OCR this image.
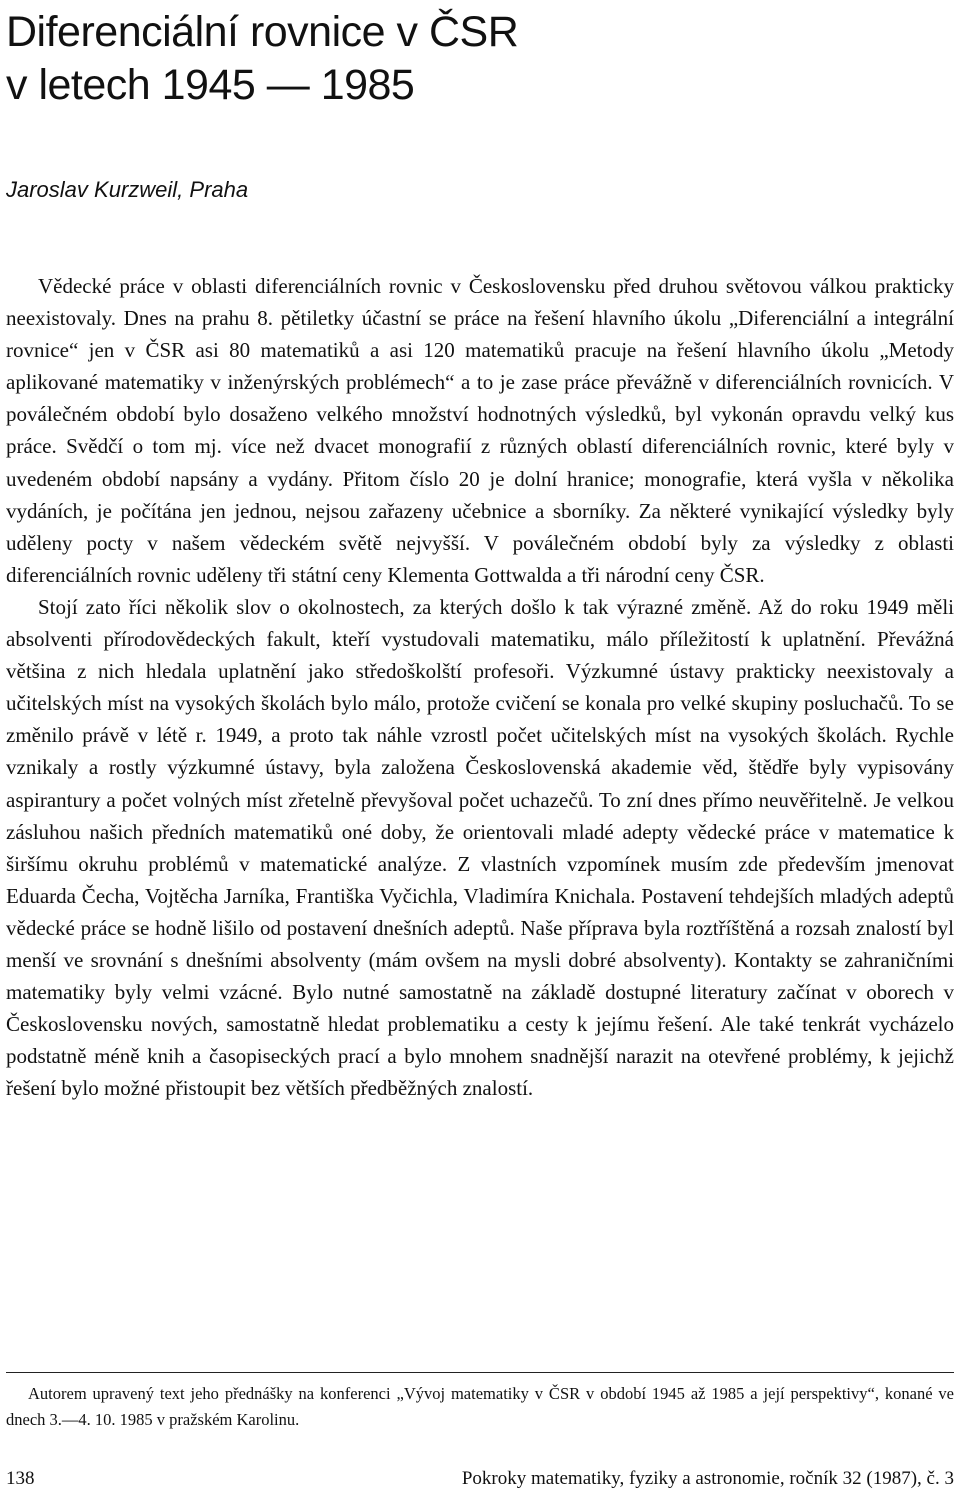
Diferenciální rovnice v ČSR
v letech 1945 — 1985
Jaroslav Kurzweil, Praha

Vědecké práce v oblasti diferenciálních rovnic v Československu před druhou světovou válkou prakticky neexistovaly. Dnes na prahu 8. pětiletky účastní se práce na řešení hlavního úkolu „Diferenciální a integrální rovnice“ jen v ČSR asi 80 matematiků a asi 120 matematiků pracuje na řešení hlavního úkolu „Metody aplikované matematiky v inženýrských problémech“ a to je zase práce převážně v diferenciálních rovnicích. V poválečném období bylo dosaženo velkého množství hodnotných výsledků, byl vykonán opravdu velký kus práce. Svědčí o tom mj. více než dvacet monografií z různých oblastí diferenciálních rovnic, které byly v uvedeném období napsány a vydány. Přitom číslo 20 je dolní hranice; monografie, která vyšla v několika vydáních, je počítána jen jednou, nejsou zařazeny učebnice a sborníky. Za některé vynikající výsledky byly uděleny pocty v našem vědeckém světě nejvyšší. V poválečném období byly za výsledky z oblasti diferenciálních rovnic uděleny tři státní ceny Klementa Gottwalda a tři národní ceny ČSR.

Stojí zato říci několik slov o okolnostech, za kterých došlo k tak výrazné změně. Až do roku 1949 měli absolventi přírodovědeckých fakult, kteří vystudovali matematiku, málo příležitostí k uplatnění. Převážná většina z nich hledala uplatnění jako středoškolští profesoři. Výzkumné ústavy prakticky neexistovaly a učitelských míst na vysokých školách bylo málo, protože cvičení se konala pro velké skupiny posluchačů. To se změnilo právě v létě r. 1949, a proto tak náhle vzrostl počet učitelských míst na vysokých školách. Rychle vznikaly a rostly výzkumné ústavy, byla založena Československá akademie věd, štědře byly vypisovány aspirantury a počet volných míst zřetelně převyšoval počet uchazečů. To zní dnes přímo neuvěřitelně. Je velkou zásluhou našich předních matematiků oné doby, že orientovali mladé adepty vědecké práce v matematice k širšímu okruhu problémů v matematické analýze. Z vlastních vzpomínek musím zde především jmenovat Eduarda Čecha, Vojtěcha Jarníka, Františka Vyčichla, Vladimíra Knichala. Postavení tehdejších mladých adeptů vědecké práce se hodně lišilo od postavení dnešních adeptů. Naše příprava byla roztříštěná a rozsah znalostí byl menší ve srovnání s dnešními absolventy (mám ovšem na mysli dobré absolventy). Kontakty se zahraničními matematiky byly velmi vzácné. Bylo nutné samostatně na základě dostupné literatury začínat v oborech v Československu nových, samostatně hledat problematiku a cesty k jejímu řešení. Ale také tenkrát vycházelo podstatně méně knih a časopiseckých prací a bylo mnohem snadnější narazit na otevřené problémy, k jejichž řešení bylo možné přistoupit bez větších předběžných znalostí.

Autorem upravený text jeho přednášky na konferenci „Vývoj matematiky v ČSR v období 1945 až 1985 a její perspektivy“, konané ve dnech 3.—4. 10. 1985 v pražském Karolinu.

138	Pokroky matematiky, fyziky a astronomie, ročník 32 (1987), č. 3
